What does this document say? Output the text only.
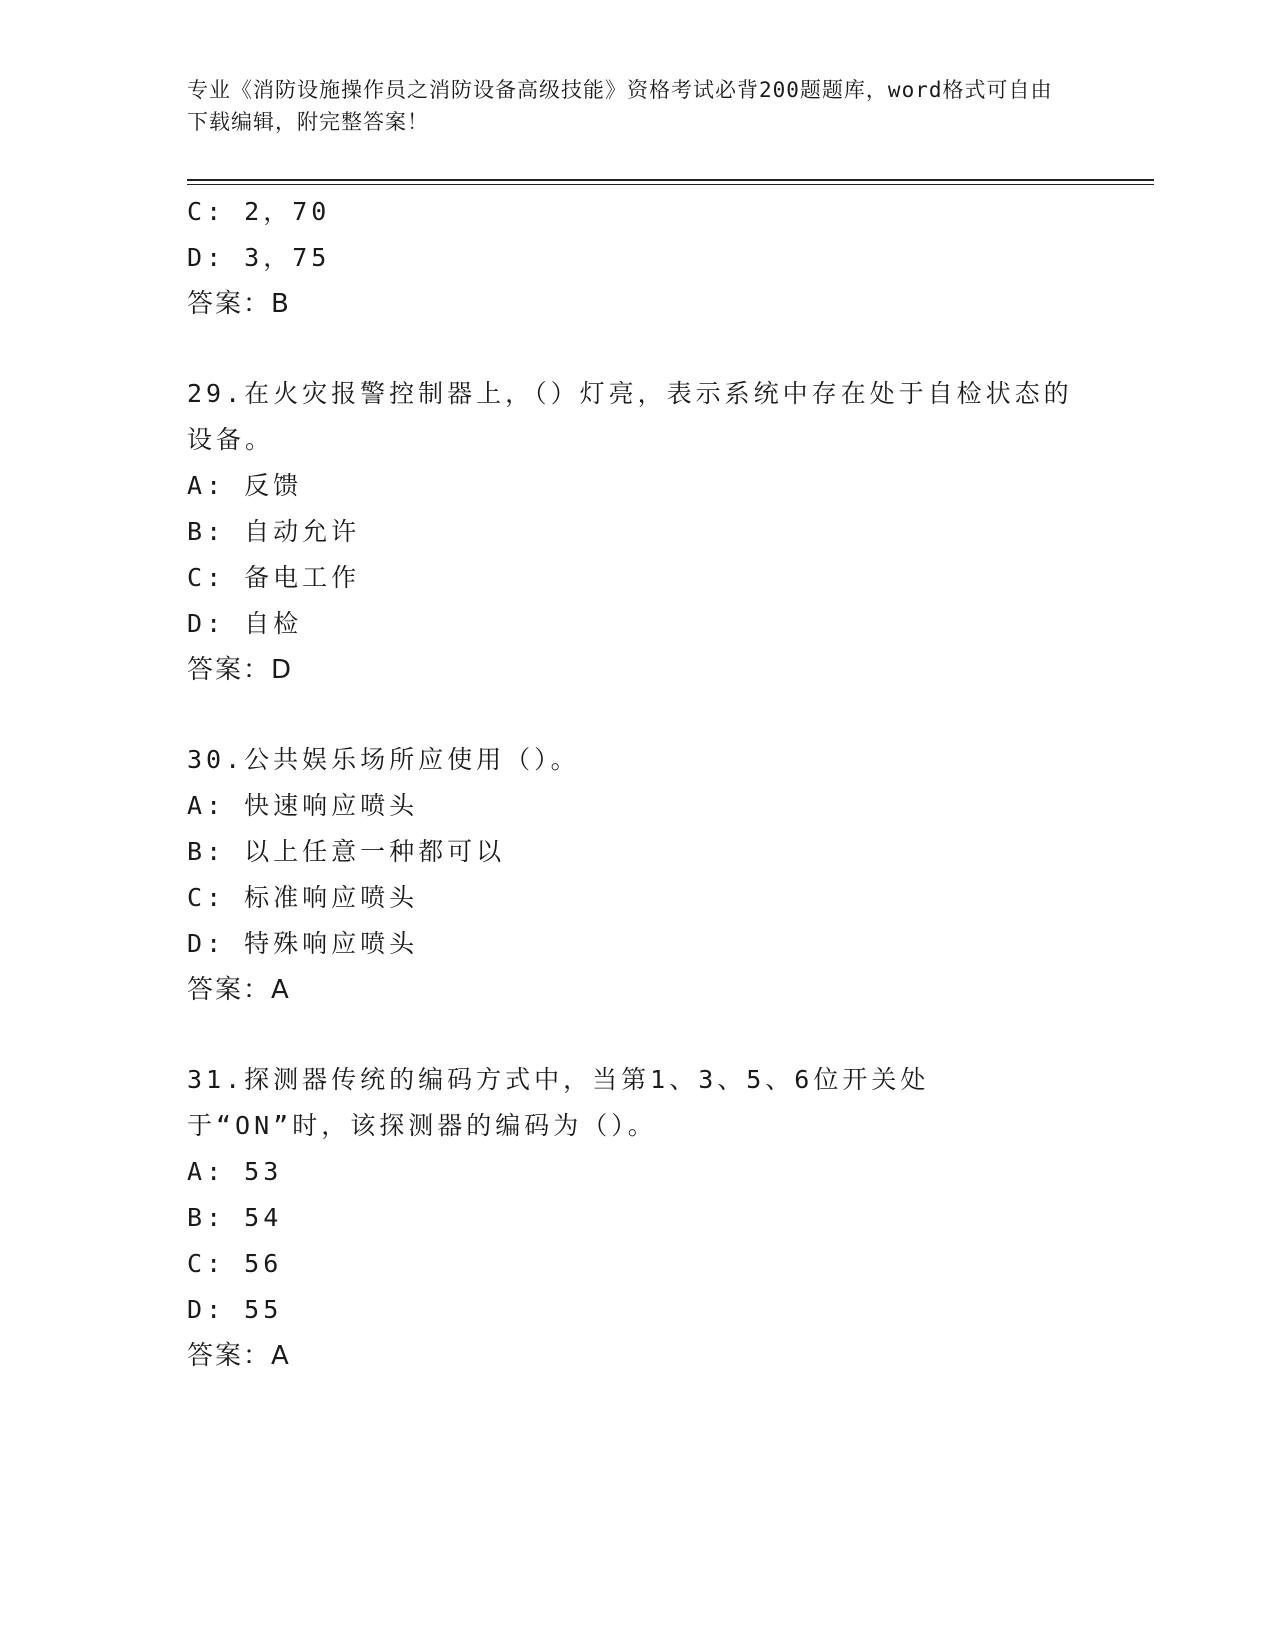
专业《消防设施操作员之消防设备高级技能》资格考试必背200题题库，word格式可自由下载编辑，附完整答案！
C: 2，70
D: 3，75
答案：B
29.在火灾报警控制器上，（）灯亮，表示系统中存在处于自检状态的设备。
A: 反馈
B: 自动允许
C: 备电工作
D: 自检
答案：D
30.公共娱乐场所应使用（）。
A: 快速响应喷头
B: 以上任意一种都可以
C: 标准响应喷头
D: 特殊响应喷头
答案：A
31.探测器传统的编码方式中，当第1、3、5、6位开关处于“ON”时，该探测器的编码为（）。
A: 53
B: 54
C: 56
D: 55
答案：A
